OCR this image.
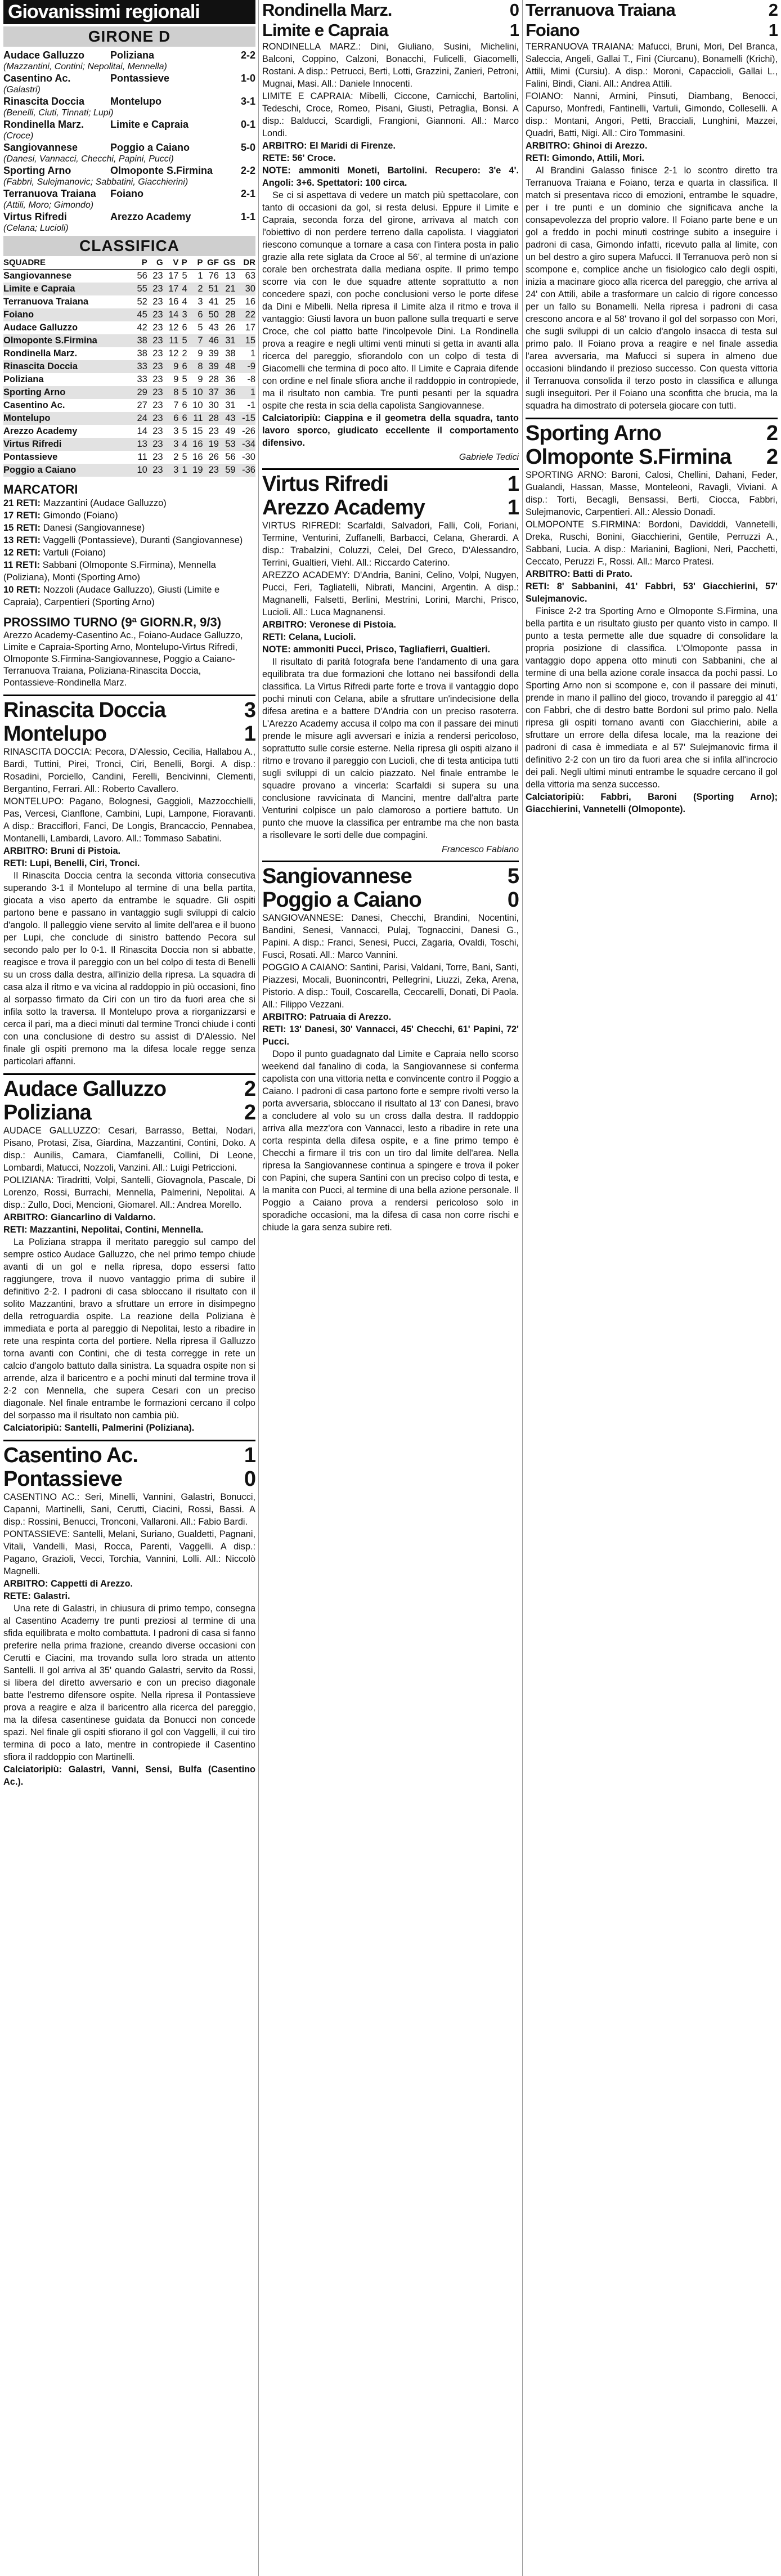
Giovanissimi regionali
GIRONE D
Audace Galluzzo	Poliziana	2-2
(Mazzantini, Contini; Nepolitai, Mennella)
Casentino Ac.	Pontassieve	1-0
(Galastri)
Rinascita Doccia	Montelupo	3-1
(Benelli, Ciuti, Tinnati; Lupi)
Rondinella Marz.	Limite e Capraia	0-1
(Croce)
Sangiovannese	Poggio a Caiano	5-0
(Danesi, Vannacci, Checchi, Papini, Pucci)
Sporting Arno	Olmoponte S.Firmina	2-2
(Fabbri, Sulejmanovic; Sabbatini, Giacchierini)
Terranuova Traiana	Foiano	2-1
(Attili, Moro; Gimondo)
Virtus Rifredi	Arezzo Academy	1-1
(Celana; Lucioli)
CLASSIFICA
SQUADRE	P	G	V	P	P	GF	GS	DR
Sangiovannese	56	23	17	5	1	76	13	63
Limite e Capraia	55	23	17	4	2	51	21	30
Terranuova Traiana	52	23	16	4	3	41	25	16
Foiano	45	23	14	3	6	50	28	22
Audace Galluzzo	42	23	12	6	5	43	26	17
Olmoponte S.Firmina	38	23	11	5	7	46	31	15
Rondinella Marz.	38	23	12	2	9	39	38	1
Rinascita Doccia	33	23	9	6	8	39	48	-9
Poliziana	33	23	9	5	9	28	36	-8
Sporting Arno	29	23	8	5	10	37	36	1
Casentino Ac.	27	23	7	6	10	30	31	-1
Montelupo	24	23	6	6	11	28	43	-15
Arezzo Academy	14	23	3	5	15	23	49	-26
Virtus Rifredi	13	23	3	4	16	19	53	-34
Pontassieve	11	23	2	5	16	26	56	-30
Poggio a Caiano	10	23	3	1	19	23	59	-36
MARCATORI
21 RETI: Mazzantini (Audace Galluzzo)
17 RETI: Gimondo (Foiano)
15 RETI: Danesi (Sangiovannese)
13 RETI: Vaggelli (Pontassieve), Duranti (Sangiovannese)
12 RETI: Vartuli (Foiano)
11 RETI: Sabbani (Olmoponte S.Firmina), Mennella (Poliziana), Monti (Sporting Arno)
10 RETI: Nozzoli (Audace Galluzzo), Giusti (Limite e Capraia), Carpentieri (Sporting Arno)
PROSSIMO TURNO (9ª GIORN.R, 9/3)
Arezzo Academy-Casentino Ac., Foiano-Audace Galluzzo, Limite e Capraia-Sporting Arno, Montelupo-Virtus Rifredi, Olmoponte S.Firmina-Sangiovannese, Poggio a Caiano-Terranuova Traiana, Poliziana-Rinascita Doccia, Pontassieve-Rondinella Marz.
Rinascita Doccia	3
Montelupo	1
RINASCITA DOCCIA: Pecora, D'Alessio, Cecilia, Hallabou A., Bardi, Tuttini, Pirei, Tronci, Ciri, Benelli, Borgi. A disp.: Rosadini, Porciello, Candini, Ferelli, Bencivinni, Clementi, Bergantino, Ferrari. All.: Roberto Cavallero.
MONTELUPO: Pagano, Bolognesi, Gaggioli, Mazzocchielli, Pas, Vercesi, Cianflone, Cambini, Lupi, Lampone, Fioravanti. A disp.: Bracciflori, Fanci, De Longis, Brancaccio, Pennabea, Montanelli, Lambardi, Lavoro. All.: Tommaso Sabatini.
ARBITRO: Bruni di Pistoia.
RETI: Lupi, Benelli, Ciri, Tronci.
Il Rinascita Doccia centra la seconda vittoria consecutiva superando 3-1 il Montelupo al termine di una bella partita, giocata a viso aperto da entrambe le squadre. Gli ospiti partono bene e passano in vantaggio sugli sviluppi di calcio d'angolo. Il palleggio viene servito al limite dell'area e il buono per Lupi, che conclude di sinistro battendo Pecora sul secondo palo per lo 0-1. Il Rinascita Doccia non si abbatte, reagisce e trova il pareggio con un bel colpo di testa di Benelli su un cross dalla destra, all'inizio della ripresa. La squadra di casa alza il ritmo e va vicina al raddoppio in più occasioni, fino al sorpasso firmato da Ciri con un tiro da fuori area che si infila sotto la traversa. Il Montelupo prova a riorganizzarsi e cerca il pari, ma a dieci minuti dal termine Tronci chiude i conti con una conclusione di destro su assist di D'Alessio. Nel finale gli ospiti premono ma la difesa locale regge senza particolari affanni.
Audace Galluzzo	2
Poliziana	2
AUDACE GALLUZZO: Cesari, Barrasso, Bettai, Nodari, Pisano, Protasi, Zisa, Giardina, Mazzantini, Contini, Doko. A disp.: Aunilis, Camara, Ciamfanelli, Collini, Di Leone, Lombardi, Matucci, Nozzoli, Vanzini. All.: Luigi Petriccioni.
POLIZIANA: Tiradritti, Volpi, Santelli, Giovagnola, Pascale, Di Lorenzo, Rossi, Burrachi, Mennella, Palmerini, Nepolitai. A disp.: Zullo, Doci, Mencioni, Giomarel. All.: Andrea Morello.
ARBITRO: Giancarlino di Valdarno.
RETI: Mazzantini, Nepolitai, Contini, Mennella.
La Poliziana strappa il meritato pareggio sul campo del sempre ostico Audace Galluzzo, che nel primo tempo chiude avanti di un gol e nella ripresa, dopo essersi fatto raggiungere, trova il nuovo vantaggio prima di subire il definitivo 2-2. I padroni di casa sbloccano il risultato con il solito Mazzantini, bravo a sfruttare un errore in disimpegno della retroguardia ospite. La reazione della Poliziana è immediata e porta al pareggio di Nepolitai, lesto a ribadire in rete una respinta corta del portiere. Nella ripresa il Galluzzo torna avanti con Contini, che di testa corregge in rete un calcio d'angolo battuto dalla sinistra. La squadra ospite non si arrende, alza il baricentro e a pochi minuti dal termine trova il 2-2 con Mennella, che supera Cesari con un preciso diagonale. Nel finale entrambe le formazioni cercano il colpo del sorpasso ma il risultato non cambia più.
Calciatoripiù: Santelli, Palmerini (Poliziana).
Casentino Ac.	1
Pontassieve	0
CASENTINO AC.: Seri, Minelli, Vannini, Galastri, Bonucci, Capanni, Martinelli, Sani, Cerutti, Ciacini, Rossi, Bassi. A disp.: Rossini, Benucci, Tronconi, Vallaroni. All.: Fabio Bardi.
PONTASSIEVE: Santelli, Melani, Suriano, Gualdetti, Pagnani, Vitali, Vandelli, Masi, Rocca, Parenti, Vaggelli. A disp.: Pagano, Grazioli, Vecci, Torchia, Vannini, Lolli. All.: Niccolò Magnelli.
ARBITRO: Cappetti di Arezzo.
RETE: Galastri.
Una rete di Galastri, in chiusura di primo tempo, consegna al Casentino Academy tre punti preziosi al termine di una sfida equilibrata e molto combattuta. I padroni di casa si fanno preferire nella prima frazione, creando diverse occasioni con Cerutti e Ciacini, ma trovando sulla loro strada un attento Santelli. Il gol arriva al 35' quando Galastri, servito da Rossi, si libera del diretto avversario e con un preciso diagonale batte l'estremo difensore ospite. Nella ripresa il Pontassieve prova a reagire e alza il baricentro alla ricerca del pareggio, ma la difesa casentinese guidata da Bonucci non concede spazi. Nel finale gli ospiti sfiorano il gol con Vaggelli, il cui tiro termina di poco a lato, mentre in contropiede il Casentino sfiora il raddoppio con Martinelli.
Calciatoripiù: Galastri, Vanni, Sensi, Bulfa (Casentino Ac.).
Rondinella Marz.	0
Limite e Capraia	1
RONDINELLA MARZ.: Dini, Giuliano, Susini, Michelini, Balconi, Coppino, Calzoni, Bonacchi, Fulicelli, Giacomelli, Rostani. A disp.: Petrucci, Berti, Lotti, Grazzini, Zanieri, Petroni, Mugnai, Masi. All.: Daniele Innocenti.
LIMITE E CAPRAIA: Mibelli, Ciccone, Carnicchi, Bartolini, Tedeschi, Croce, Romeo, Pisani, Giusti, Petraglia, Bonsi. A disp.: Balducci, Scardigli, Frangioni, Giannoni. All.: Marco Londi.
ARBITRO: El Maridi di Firenze.
RETE: 56' Croce.
NOTE: ammoniti Moneti, Bartolini. Recupero: 3'e 4'. Angoli: 3+6. Spettatori: 100 circa.
Se ci si aspettava di vedere un match più spettacolare, con tanto di occasioni da gol, si resta delusi. Eppure il Limite e Capraia, seconda forza del girone, arrivava al match con l'obiettivo di non perdere terreno dalla capolista. I viaggiatori riescono comunque a tornare a casa con l'intera posta in palio grazie alla rete siglata da Croce al 56', al termine di un'azione corale ben orchestrata dalla mediana ospite. Il primo tempo scorre via con le due squadre attente soprattutto a non concedere spazi, con poche conclusioni verso le porte difese da Dini e Mibelli. Nella ripresa il Limite alza il ritmo e trova il vantaggio: Giusti lavora un buon pallone sulla trequarti e serve Croce, che col piatto batte l'incolpevole Dini. La Rondinella prova a reagire e negli ultimi venti minuti si getta in avanti alla ricerca del pareggio, sfiorandolo con un colpo di testa di Giacomelli che termina di poco alto. Il Limite e Capraia difende con ordine e nel finale sfiora anche il raddoppio in contropiede, ma il risultato non cambia. Tre punti pesanti per la squadra ospite che resta in scia della capolista Sangiovannese.
Calciatoripiù: Ciappina e il geometra della squadra, tanto lavoro sporco, giudicato eccellente il comportamento difensivo.
Gabriele Tedici
Virtus Rifredi	1
Arezzo Academy	1
VIRTUS RIFREDI: Scarfaldi, Salvadori, Falli, Coli, Foriani, Termine, Venturini, Zuffanelli, Barbacci, Celana, Gherardi. A disp.: Trabalzini, Coluzzi, Celei, Del Greco, D'Alessandro, Terrini, Gualtieri, Viehl. All.: Riccardo Caterino.
AREZZO ACADEMY: D'Andria, Banini, Celino, Volpi, Nugyen, Pucci, Feri, Tagliatelli, Nibrati, Mancini, Argentin. A disp.: Magnanelli, Falsetti, Berlini, Mestrini, Lorini, Marchi, Prisco, Lucioli. All.: Luca Magnanensi.
ARBITRO: Veronese di Pistoia.
RETI: Celana, Lucioli.
NOTE: ammoniti Pucci, Prisco, Tagliafierri, Gualtieri.
Il risultato di parità fotografa bene l'andamento di una gara equilibrata tra due formazioni che lottano nei bassifondi della classifica. La Virtus Rifredi parte forte e trova il vantaggio dopo pochi minuti con Celana, abile a sfruttare un'indecisione della difesa aretina e a battere D'Andria con un preciso rasoterra. L'Arezzo Academy accusa il colpo ma con il passare dei minuti prende le misure agli avversari e inizia a rendersi pericoloso, soprattutto sulle corsie esterne. Nella ripresa gli ospiti alzano il ritmo e trovano il pareggio con Lucioli, che di testa anticipa tutti sugli sviluppi di un calcio piazzato. Nel finale entrambe le squadre provano a vincerla: Scarfaldi si supera su una conclusione ravvicinata di Mancini, mentre dall'altra parte Venturini colpisce un palo clamoroso a portiere battuto. Un punto che muove la classifica per entrambe ma che non basta a risollevare le sorti delle due compagini.
Francesco Fabiano
Sangiovannese	5
Poggio a Caiano	0
SANGIOVANNESE: Danesi, Checchi, Brandini, Nocentini, Bandini, Senesi, Vannacci, Pulaj, Tognaccini, Danesi G., Papini. A disp.: Franci, Senesi, Pucci, Zagaria, Ovaldi, Toschi, Fusci, Rosati. All.: Marco Vannini.
POGGIO A CAIANO: Santini, Parisi, Valdani, Torre, Bani, Santi, Piazzesi, Mocali, Buonincontri, Pellegrini, Liuzzi, Zeka, Arena, Pistorio. A disp.: Touil, Coscarella, Ceccarelli, Donati, Di Paola. All.: Filippo Vezzani.
ARBITRO: Patruaia di Arezzo.
RETI: 13' Danesi, 30' Vannacci, 45' Checchi, 61' Papini, 72' Pucci.
Dopo il punto guadagnato dal Limite e Capraia nello scorso weekend dal fanalino di coda, la Sangiovannese si conferma capolista con una vittoria netta e convincente contro il Poggio a Caiano. I padroni di casa partono forte e sempre rivolti verso la porta avversaria, sbloccano il risultato al 13' con Danesi, bravo a concludere al volo su un cross dalla destra. Il raddoppio arriva alla mezz'ora con Vannacci, lesto a ribadire in rete una corta respinta della difesa ospite, e a fine primo tempo è Checchi a firmare il tris con un tiro dal limite dell'area. Nella ripresa la Sangiovannese continua a spingere e trova il poker con Papini, che supera Santini con un preciso colpo di testa, e la manita con Pucci, al termine di una bella azione personale. Il Poggio a Caiano prova a rendersi pericoloso solo in sporadiche occasioni, ma la difesa di casa non corre rischi e chiude la gara senza subire reti.
Terranuova Traiana	2
Foiano	1
TERRANUOVA TRAIANA: Mafucci, Bruni, Mori, Del Branca, Saleccia, Angeli, Gallai T., Fini (Ciurcanu), Bonamelli (Krichi), Attili, Mimi (Cursiu). A disp.: Moroni, Capaccioli, Gallai L., Falini, Bindi, Ciani. All.: Andrea Attili.
FOIANO: Nanni, Armini, Pinsuti, Diambang, Benocci, Capurso, Monfredi, Fantinelli, Vartuli, Gimondo, Colleselli. A disp.: Montani, Angori, Petti, Bracciali, Lunghini, Mazzei, Quadri, Batti, Nigi. All.: Ciro Tommasini.
ARBITRO: Ghinoi di Arezzo.
RETI: Gimondo, Attili, Mori.
Al Brandini Galasso finisce 2-1 lo scontro diretto tra Terranuova Traiana e Foiano, terza e quarta in classifica. Il match si presentava ricco di emozioni, entrambe le squadre, per i tre punti e un dominio che significava anche la consapevolezza del proprio valore. Il Foiano parte bene e un gol a freddo in pochi minuti costringe subito a inseguire i padroni di casa, Gimondo infatti, ricevuto palla al limite, con un bel destro a giro supera Mafucci. Il Terranuova però non si scompone e, complice anche un fisiologico calo degli ospiti, inizia a macinare gioco alla ricerca del pareggio, che arriva al 24' con Attili, abile a trasformare un calcio di rigore concesso per un fallo su Bonamelli. Nella ripresa i padroni di casa crescono ancora e al 58' trovano il gol del sorpasso con Mori, che sugli sviluppi di un calcio d'angolo insacca di testa sul primo palo. Il Foiano prova a reagire e nel finale assedia l'area avversaria, ma Mafucci si supera in almeno due occasioni blindando il prezioso successo. Con questa vittoria il Terranuova consolida il terzo posto in classifica e allunga sugli inseguitori. Per il Foiano una sconfitta che brucia, ma la squadra ha dimostrato di potersela giocare con tutti.
Sporting Arno	2
Olmoponte S.Firmina 2
SPORTING ARNO: Baroni, Calosi, Chellini, Dahani, Feder, Gualandi, Hassan, Masse, Monteleoni, Ravagli, Viviani. A disp.: Torti, Becagli, Bensassi, Berti, Ciocca, Fabbri, Sulejmanovic, Carpentieri. All.: Alessio Donadi.
OLMOPONTE S.FIRMINA: Bordoni, Davidddi, Vannetelli, Dreka, Ruschi, Bonini, Giacchierini, Gentile, Perruzzi A., Sabbani, Lucia. A disp.: Marianini, Baglioni, Neri, Pacchetti, Ceccato, Peruzzi F., Rossi. All.: Marco Pratesi.
ARBITRO: Batti di Prato.
RETI: 8' Sabbanini, 41' Fabbri, 53' Giacchierini, 57' Sulejmanovic.
Finisce 2-2 tra Sporting Arno e Olmoponte S.Firmina, una bella partita e un risultato giusto per quanto visto in campo. Il punto a testa permette alle due squadre di consolidare la propria posizione di classifica. L'Olmoponte passa in vantaggio dopo appena otto minuti con Sabbanini, che al termine di una bella azione corale insacca da pochi passi. Lo Sporting Arno non si scompone e, con il passare dei minuti, prende in mano il pallino del gioco, trovando il pareggio al 41' con Fabbri, che di destro batte Bordoni sul primo palo. Nella ripresa gli ospiti tornano avanti con Giacchierini, abile a sfruttare un errore della difesa locale, ma la reazione dei padroni di casa è immediata e al 57' Sulejmanovic firma il definitivo 2-2 con un tiro da fuori area che si infila all'incrocio dei pali. Negli ultimi minuti entrambe le squadre cercano il gol della vittoria ma senza successo.
Calciatoripiù: Fabbri, Baroni (Sporting Arno); Giacchierini, Vannetelli (Olmoponte).
